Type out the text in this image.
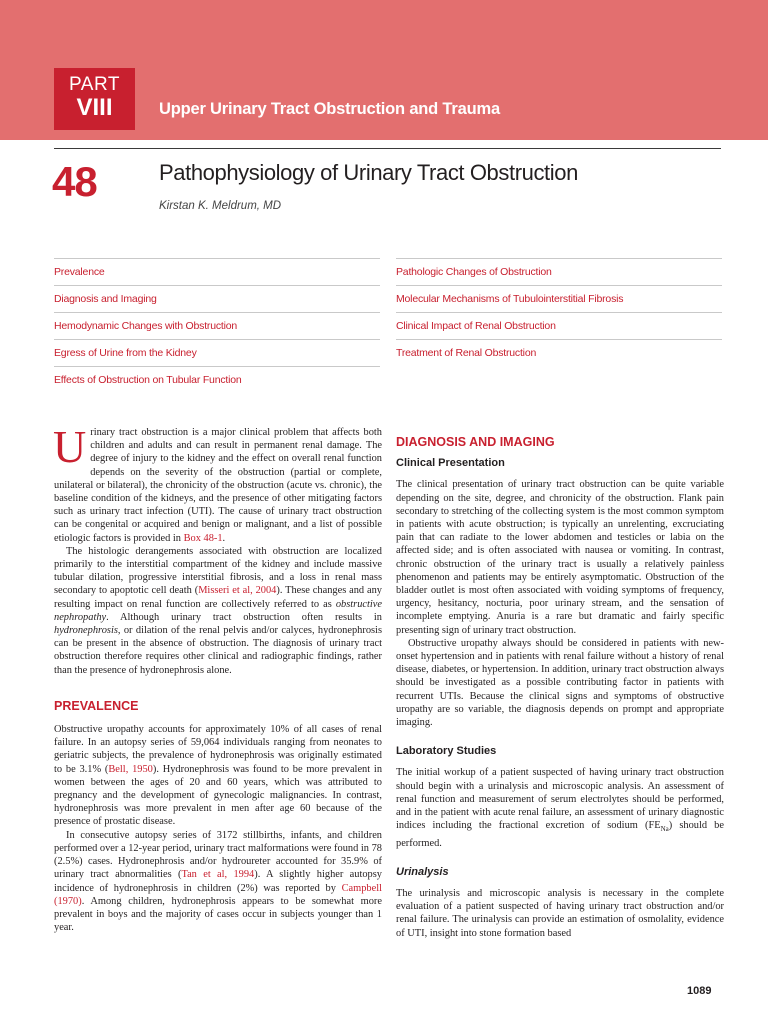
PART
VIII	Upper Urinary Tract Obstruction and Trauma
48	Pathophysiology of Urinary Tract Obstruction
Kirstan K. Meldrum, MD
Prevalence
Diagnosis and Imaging
Hemodynamic Changes with Obstruction
Egress of Urine from the Kidney
Effects of Obstruction on Tubular Function
Pathologic Changes of Obstruction
Molecular Mechanisms of Tubulointerstitial Fibrosis
Clinical Impact of Renal Obstruction
Treatment of Renal Obstruction

Urinary tract obstruction is a major clinical problem that affects both children and adults and can result in permanent renal damage. The degree of injury to the kidney and the effect on overall renal function depends on the severity of the obstruction (partial or complete, unilateral or bilateral), the chronicity of the obstruction (acute vs. chronic), the baseline condition of the kidneys, and the presence of other mitigating factors such as urinary tract infection (UTI). The cause of urinary tract obstruction can be congenital or acquired and benign or malignant, and a list of possible etiologic factors is provided in Box 48-1.

The histologic derangements associated with obstruction are localized primarily to the interstitial compartment of the kidney and include massive tubular dilation, progressive interstitial fibrosis, and a loss in renal mass secondary to apoptotic cell death (Misseri et al, 2004). These changes and any resulting impact on renal function are collectively referred to as obstructive nephropathy. Although urinary tract obstruction often results in hydronephrosis, or dilation of the renal pelvis and/or calyces, hydronephrosis can be present in the absence of obstruction. The diagnosis of urinary tract obstruction therefore requires other clinical and radiographic findings, rather than the presence of hydronephrosis alone.

PREVALENCE

Obstructive uropathy accounts for approximately 10% of all cases of renal failure. In an autopsy series of 59,064 individuals ranging from neonates to geriatric subjects, the prevalence of hydronephrosis was originally estimated to be 3.1% (Bell, 1950). Hydronephrosis was found to be more prevalent in women between the ages of 20 and 60 years, which was attributed to pregnancy and the development of gynecologic malignancies. In contrast, hydronephrosis was more prevalent in men after age 60 because of the presence of prostatic disease.

In consecutive autopsy series of 3172 stillbirths, infants, and children performed over a 12-year period, urinary tract malformations were found in 78 (2.5%) cases. Hydronephrosis and/or hydroureter accounted for 35.9% of urinary tract abnormalities (Tan et al, 1994). A slightly higher autopsy incidence of hydronephrosis in children (2%) was reported by Campbell (1970). Among children, hydronephrosis appears to be somewhat more prevalent in boys and the majority of cases occur in subjects younger than 1 year.

DIAGNOSIS AND IMAGING
Clinical Presentation

The clinical presentation of urinary tract obstruction can be quite variable depending on the site, degree, and chronicity of the obstruction. Flank pain secondary to stretching of the collecting system is the most common symptom in patients with acute obstruction; is typically an unrelenting, excruciating pain that can radiate to the lower abdomen and testicles or labia on the affected side; and is often associated with nausea or vomiting. In contrast, chronic obstruction of the urinary tract is usually a relatively painless phenomenon and patients may be entirely asymptomatic. Obstruction of the bladder outlet is most often associated with voiding symptoms of frequency, urgency, hesitancy, nocturia, poor urinary stream, and the sensation of incomplete emptying. Anuria is a rare but dramatic and fairly specific presenting sign of urinary tract obstruction.

Obstructive uropathy always should be considered in patients with new-onset hypertension and in patients with renal failure without a history of renal disease, diabetes, or hypertension. In addition, urinary tract obstruction always should be investigated as a possible contributing factor in patients with recurrent UTIs. Because the clinical signs and symptoms of obstructive uropathy are so variable, the diagnosis depends on prompt and appropriate imaging.

Laboratory Studies

The initial workup of a patient suspected of having urinary tract obstruction should begin with a urinalysis and microscopic analysis. An assessment of renal function and measurement of serum electrolytes should be performed, and in the patient with acute renal failure, an assessment of urinary diagnostic indices including the fractional excretion of sodium $(FE_{Na})$ should be performed.

Urinalysis

The urinalysis and microscopic analysis is necessary in the complete evaluation of a patient suspected of having urinary tract obstruction and/or renal failure. The urinalysis can provide an estimation of osmolality, evidence of UTI, insight into stone formation based

1089
